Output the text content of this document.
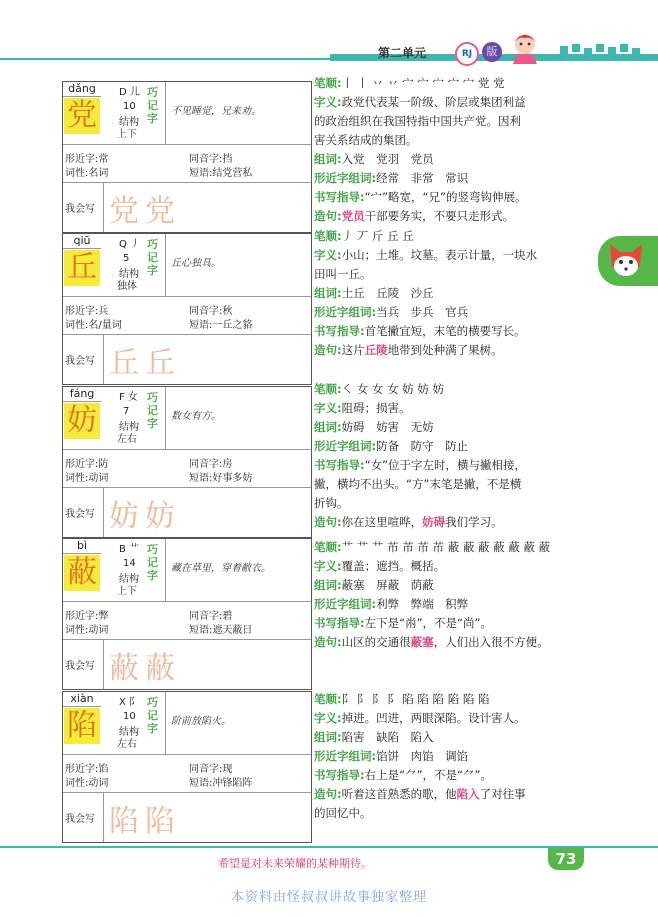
第二单元	RJ	版
dǎng
党
D 儿
10
结构
上下
巧记字
不见睡觉，兄来劝。
形近字:常	同音字:挡
词性:名词	短语:结党营私
我会写 党党
qiū
丘
Q 丿
5
结构
独体
巧记字
丘心独具。
形近字:兵	同音字:秋
词性:名/量词	短语:一丘之貉
我会写 丘丘
fáng
妨
F 女
7
结构
左右
巧记字
数女有方。
形近字:防	同音字:房
词性:动词	短语:好事多妨
我会写 妨妨
bì
蔽
B 艹
14
结构
上下
巧记字
藏在草里，穿着敝衣。
形近字:弊	同音字:碧
词性:动词	短语:遮天蔽日
我会写 蔽蔽
xiàn
陷
X 阝
10
结构
左右
巧记字
阶前放陷火。
形近字:馅	同音字:现
词性:动词	短语:冲锋陷阵
我会写 陷陷
笔顺:丨 丨 丷 丷 宀 宀 宀 宀 宀 党 党
字义:政党代表某一阶级、阶层或集团利益
的政治组织在我国特指中国共产党。因利
害关系结成的集团。
组词:入党　党羽　党员
形近字组词:经常　非常　常识
书写指导:“宀”略宽，“兄”的竖弯钩伸展。
造句:党员干部要务实，不要只走形式。
笔顺:丿 丆 斤 丘 丘
字义:小山；土堆。坟墓。表示计量，一块水
田叫一丘。
组词:土丘　丘陵　沙丘
形近字组词:当兵　步兵　官兵
书写指导:首笔撇宜短，末笔的横要写长。
造句:这片丘陵地带到处种满了果树。
笔顺:㇛ 女 女 女 妨 妨 妨
字义:阻碍；损害。
组词:妨碍　妨害　无妨
形近字组词:防备　防守　防止
书写指导:“女”位于字左时，横与撇相接，
撇，横均不出头。“方”末笔是撇，不是横
折钩。
造句:你在这里喧哗，妨碍我们学习。
笔顺:艹 艹 艹 芇 芇 芇 芇 蔽 蔽 蔽 蔽 蔽 蔽 蔽
字义:覆盖；遮挡。概括。
组词:蔽塞　屏蔽　荫蔽
形近字组词:利弊　弊端　积弊
书写指导:左下是“㡀”，不是“尚”。
造句:山区的交通很蔽塞，人们出入很不方便。
笔顺:阝 阝 阝 阝 陷 陷 陷 陷 陷 陷
字义:掉进。凹进，两眼深陷。设计害人。
组词:陷害　缺陷　陷入
形近字组词:馅饼　肉馅　调馅
书写指导:右上是“⺈”，不是“⺈”。
造句:听着这首熟悉的歌，他陷入了对往事
的回忆中。
希望是对未来荣耀的某种期待。	73
本资料由怪叔叔讲故事独家整理
